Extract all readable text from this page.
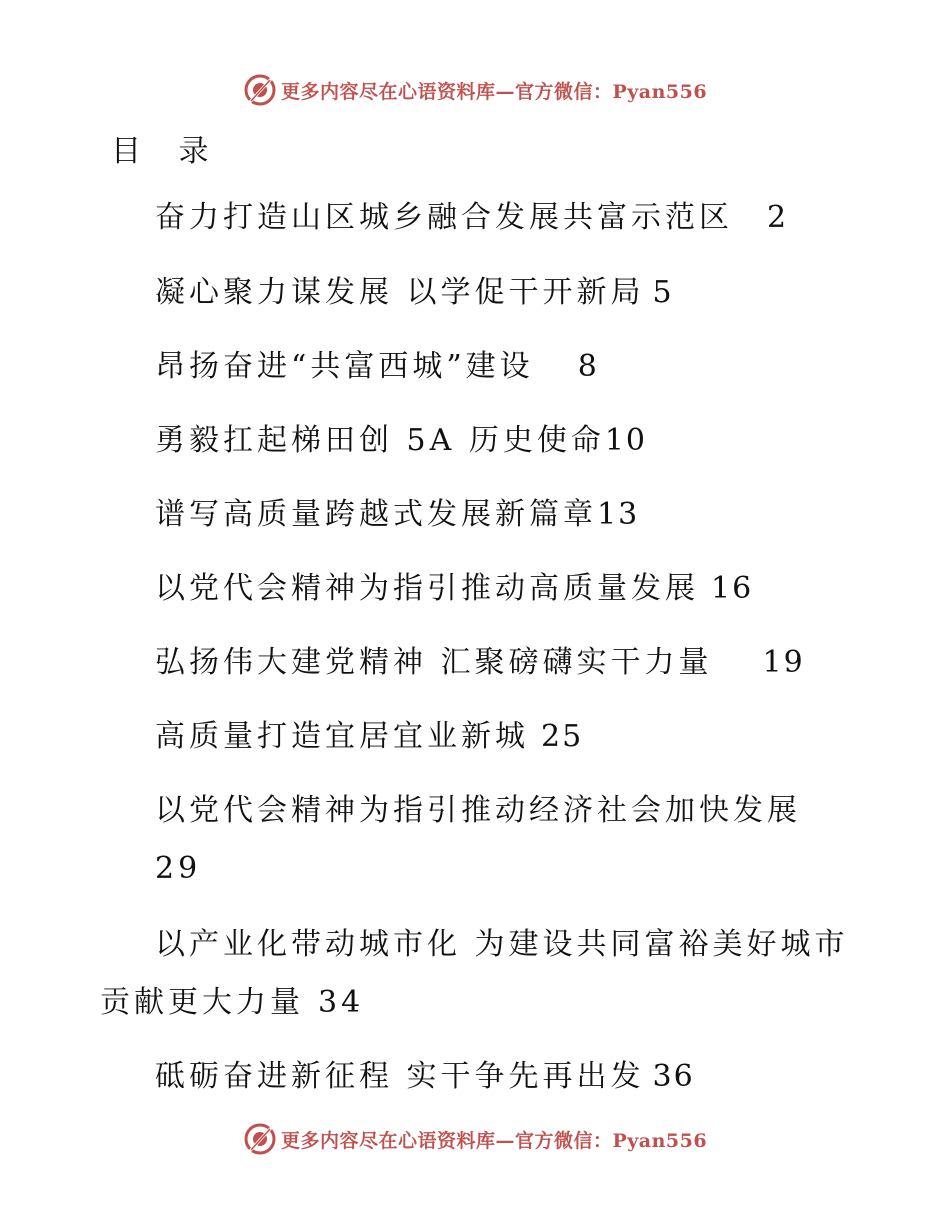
更多内容尽在心语资料库—官方微信：Pyan556
目 录
奋力打造山区城乡融合发展共富示范区 2
凝心聚力谋发展 以学促干开新局 5
昂扬奋进“共富西城”建设 8
勇毅扛起梯田创 5A 历史使命10
谱写高质量跨越式发展新篇章13
以党代会精神为指引推动高质量发展 16
弘扬伟大建党精神 汇聚磅礴实干力量 19
高质量打造宜居宜业新城 25
以党代会精神为指引推动经济社会加快发展
29
以产业化带动城市化 为建设共同富裕美好城市
贡献更大力量 34
砥砺奋进新征程 实干争先再出发 36
更多内容尽在心语资料库—官方微信：Pyan556
